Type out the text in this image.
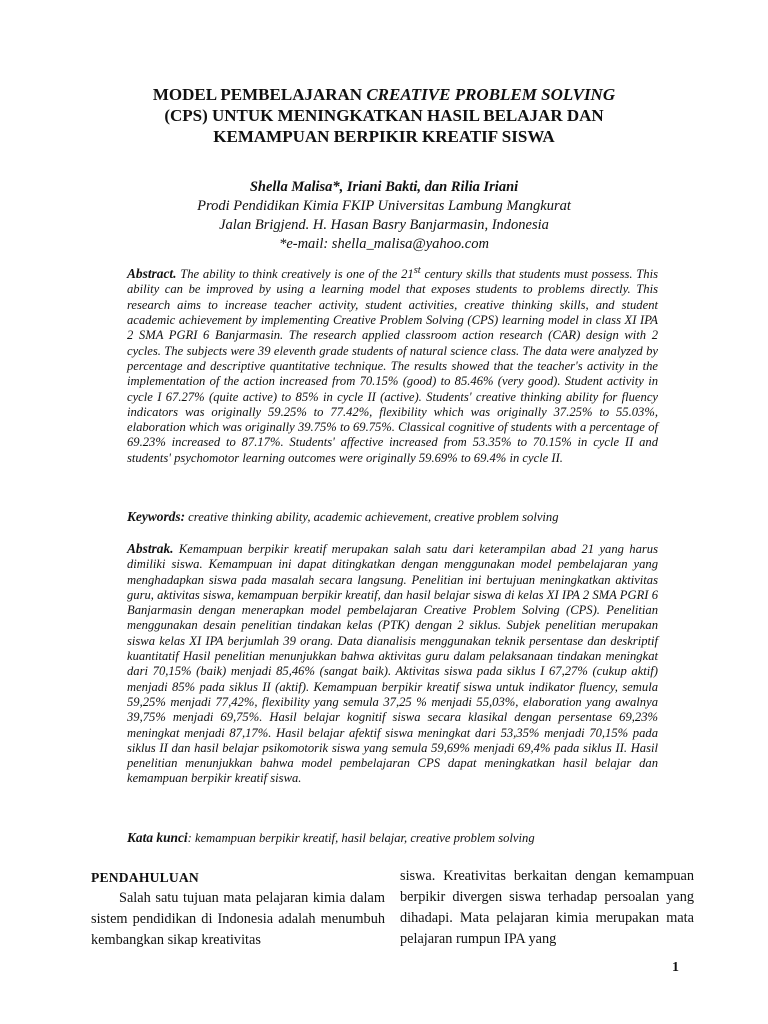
MODEL PEMBELAJARAN CREATIVE PROBLEM SOLVING
(CPS) UNTUK MENINGKATKAN HASIL BELAJAR DAN
KEMAMPUAN BERPIKIR KREATIF SISWA
Shella Malisa*, Iriani Bakti, dan Rilia Iriani
Prodi Pendidikan Kimia FKIP Universitas Lambung Mangkurat
Jalan Brigjend. H. Hasan Basry Banjarmasin, Indonesia
*e-mail: shella_malisa@yahoo.com
Abstract. The ability to think creatively is one of the 21st century skills that students must possess. This ability can be improved by using a learning model that exposes students to problems directly. This research aims to increase teacher activity, student activities, creative thinking skills, and student academic achievement by implementing Creative Problem Solving (CPS) learning model in class XI IPA 2 SMA PGRI 6 Banjarmasin. The research applied classroom action research (CAR) design with 2 cycles. The subjects were 39 eleventh grade students of natural science class. The data were analyzed by percentage and descriptive quantitative technique. The results showed that the teacher's activity in the implementation of the action increased from 70.15% (good) to 85.46% (very good). Student activity in cycle I 67.27% (quite active) to 85% in cycle II (active). Students' creative thinking ability for fluency indicators was originally 59.25% to 77.42%, flexibility which was originally 37.25% to 55.03%, elaboration which was originally 39.75% to 69.75%. Classical cognitive of students with a percentage of 69.23% increased to 87.17%. Students' affective increased from 53.35% to 70.15% in cycle II and students' psychomotor learning outcomes were originally 59.69% to 69.4% in cycle II.
Keywords: creative thinking ability, academic achievement, creative problem solving
Abstrak. Kemampuan berpikir kreatif merupakan salah satu dari keterampilan abad 21 yang harus dimiliki siswa. Kemampuan ini dapat ditingkatkan dengan menggunakan model pembelajaran yang menghadapkan siswa pada masalah secara langsung. Penelitian ini bertujuan meningkatkan aktivitas guru, aktivitas siswa, kemampuan berpikir kreatif, dan hasil belajar siswa di kelas XI IPA 2 SMA PGRI 6 Banjarmasin dengan menerapkan model pembelajaran Creative Problem Solving (CPS). Penelitian menggunakan desain penelitian tindakan kelas (PTK) dengan 2 siklus. Subjek penelitian merupakan siswa kelas XI IPA berjumlah 39 orang. Data dianalisis menggunakan teknik persentase dan deskriptif kuantitatif Hasil penelitian menunjukkan bahwa aktivitas guru dalam pelaksanaan tindakan meningkat dari 70,15% (baik) menjadi 85,46% (sangat baik). Aktivitas siswa pada siklus I 67,27% (cukup aktif) menjadi 85% pada siklus II (aktif). Kemampuan berpikir kreatif siswa untuk indikator fluency, semula 59,25% menjadi 77,42%, flexibility yang semula 37,25 % menjadi 55,03%, elaboration yang awalnya 39,75% menjadi 69,75%. Hasil belajar kognitif siswa secara klasikal dengan persentase 69,23% meningkat menjadi 87,17%. Hasil belajar afektif siswa meningkat dari 53,35% menjadi 70,15% pada siklus II dan hasil belajar psikomotorik siswa yang semula 59,69% menjadi 69,4% pada siklus II. Hasil penelitian menunjukkan bahwa model pembelajaran CPS dapat meningkatkan hasil belajar dan kemampuan berpikir kreatif siswa.
Kata kunci: kemampuan berpikir kreatif, hasil belajar, creative problem solving
PENDAHULUAN
Salah satu tujuan mata pelajaran kimia dalam sistem pendidikan di Indonesia adalah menumbuh kembangkan sikap kreativitas
siswa. Kreativitas berkaitan dengan kemampuan berpikir divergen siswa terhadap persoalan yang dihadapi. Mata pelajaran kimia merupakan mata pelajaran rumpun IPA yang
1
